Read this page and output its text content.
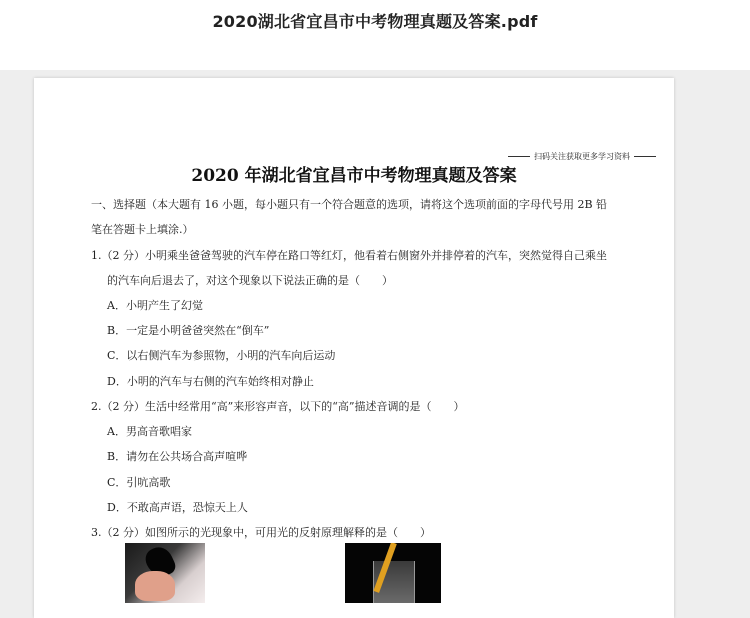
2020湖北省宜昌市中考物理真题及答案.pdf
扫码关注获取更多学习资料
2020 年湖北省宜昌市中考物理真题及答案
一、选择题（本大题有 16 小题，每小题只有一个符合题意的选项，请将这个选项前面的字母代号用 2B 铅
笔在答题卡上填涂.）
1.（2 分）小明乘坐爸爸驾驶的汽车停在路口等红灯，他看着右侧窗外并排停着的汽车，突然觉得自己乘坐
的汽车向后退去了，对这个现象以下说法正确的是（　　）
A．小明产生了幻觉
B．一定是小明爸爸突然在“倒车”
C．以右侧汽车为参照物，小明的汽车向后运动
D．小明的汽车与右侧的汽车始终相对静止
2.（2 分）生活中经常用“高”来形容声音，以下的“高”描述音调的是（　　）
A．男高音歌唱家
B．请勿在公共场合高声喧哗
C．引吭高歌
D．不敢高声语，恐惊天上人
3.（2 分）如图所示的光现象中，可用光的反射原理解释的是（　　）
